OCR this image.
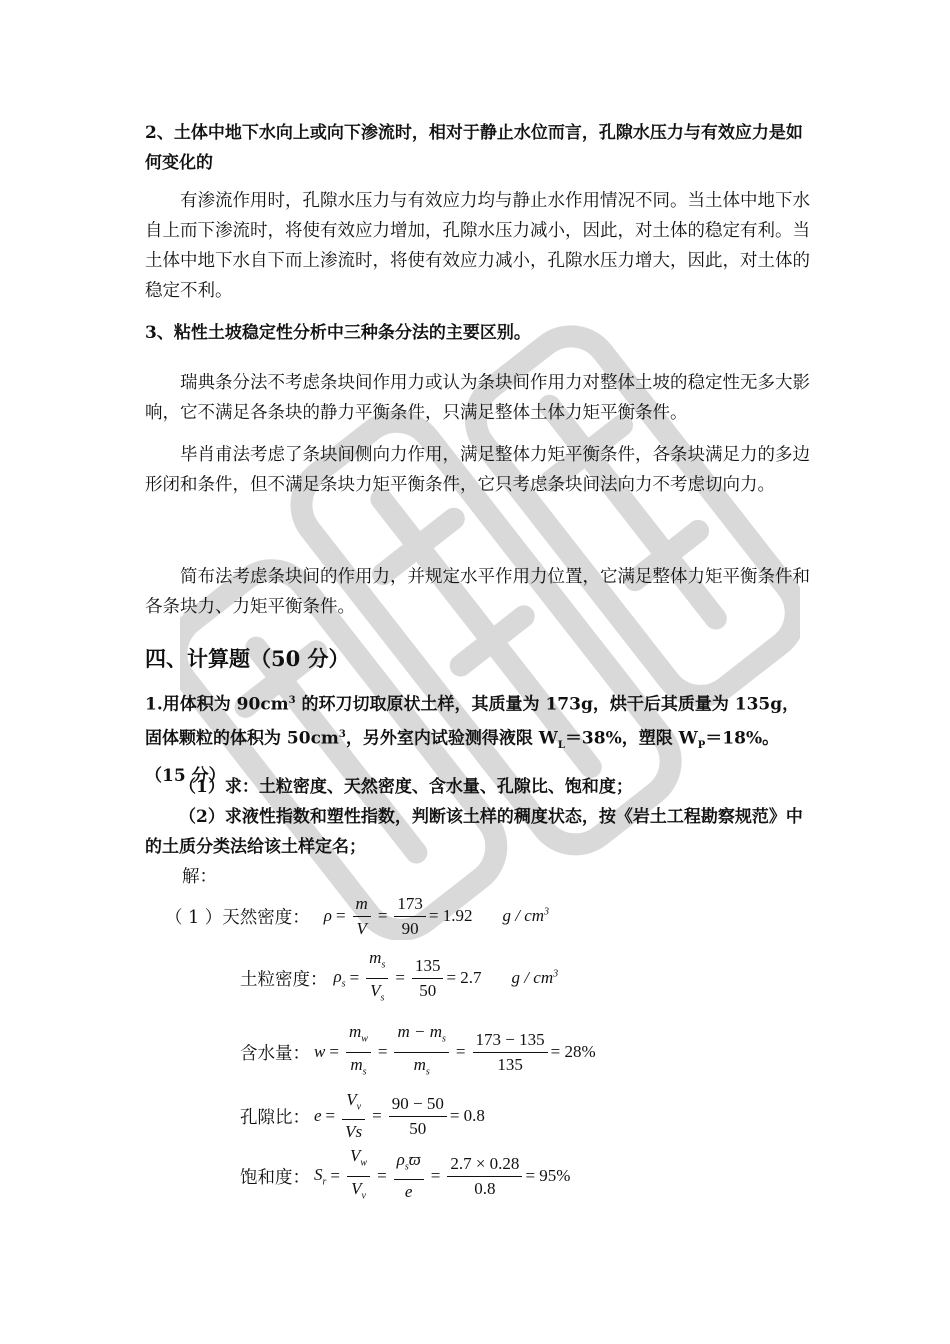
2、土体中地下水向上或向下渗流时，相对于静止水位而言，孔隙水压力与有效应力是如何变化的

有渗流作用时，孔隙水压力与有效应力均与静止水作用情况不同。当土体中地下水自上而下渗流时，将使有效应力增加，孔隙水压力减小，因此，对土体的稳定有利。当土体中地下水自下而上渗流时，将使有效应力减小，孔隙水压力增大，因此，对土体的稳定不利。

3、粘性土坡稳定性分析中三种条分法的主要区别。

瑞典条分法不考虑条块间作用力或认为条块间作用力对整体土坡的稳定性无多大影响，它不满足各条块的静力平衡条件，只满足整体土体力矩平衡条件。

毕肖甫法考虑了条块间侧向力作用，满足整体力矩平衡条件，各条块满足力的多边形闭和条件，但不满足条块力矩平衡条件，它只考虑条块间法向力不考虑切向力。

简布法考虑条块间的作用力，并规定水平作用力位置，它满足整体力矩平衡条件和各条块力、力矩平衡条件。

四、计算题（50 分）

1.用体积为 $90cm^3$ 的环刀切取原状土样，其质量为 173g，烘干后其质量为 135g，固体颗粒的体积为 $50cm^3$，另外室内试验测得液限 $W_L=38\%$，塑限 $W_P=18\%$。（15 分）

（1）求：土粒密度、天然密度、含水量、孔隙比、饱和度；

（2）求液性指数和塑性指数，判断该土样的稠度状态，按《岩土工程勘察规范》中的土质分类法给该土样定名；

解：
（ 1 ） 天然密度： $\rho = \frac{m}{V} = \frac{173}{90} = 1.92$ g / $cm^3$
土粒密度： $\rho_s = \frac{m_s}{V_s} = \frac{135}{50} = 2.7$ g / $cm^3$
含水量： $w = \frac{m_w}{m_s} = \frac{m - m_s}{m_s} = \frac{173 - 135}{135} = 28\%$
孔隙比： $e = \frac{V_v}{Vs} = \frac{90 - 50}{50} = 0.8$
饱和度： $S_r = \frac{V_w}{V_v} = \frac{\rho_sϖ}{e} = \frac{2.7 \times 0.28}{0.8} = 95\%$
